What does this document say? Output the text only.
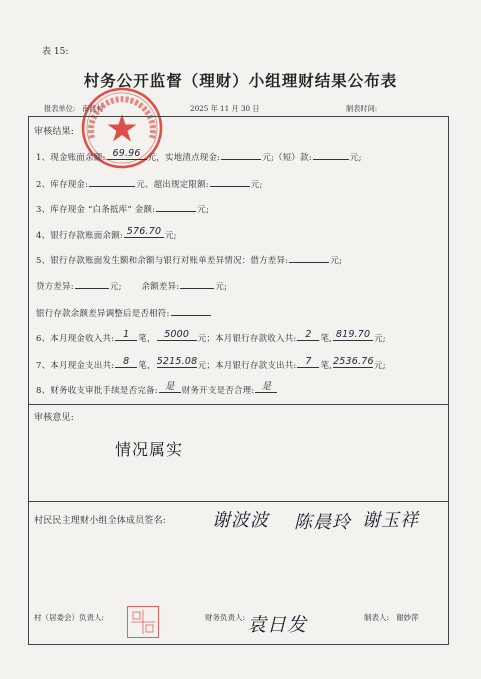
表 15:
村务公开监督（理财）小组理财结果公布表
报表单位: 南渡村	2025 年 11 月 30 日	制表时间:
审核结果:
1、现金账面余额: 69.96 元，实地清点现金:	元;（短）款:	元;
2、库存现金:	元、超出规定限额:	元;
3、库存现金 “白条抵库” 金额:	元;
4、银行存款账面余额: 576.70 元;
5、银行存款账面发生额和余额与银行对账单差异情况：借方差异:	元;
贷方差异:	元; 余额差异:	元;
银行存款余额差异调整后是否相符:
6、本月现金收入共: 1	笔， 5000	元；本月银行存款收入共: 2	笔, 819.70 元;
7、本月现金支出共: 8	笔， 5215.08 元；本月银行存款支出共: 7	笔, 2536.76 元;
8、财务收支审批手续是否完备: 是 财务开支是否合理: 是
审核意见:
情况属实
村民民主理财小组全体成员签名:	谢波波 陈晨玲 谢玉祥
村（居委会）负责人:	财务负责人: 袁日发	制表人: 谢妙萍
